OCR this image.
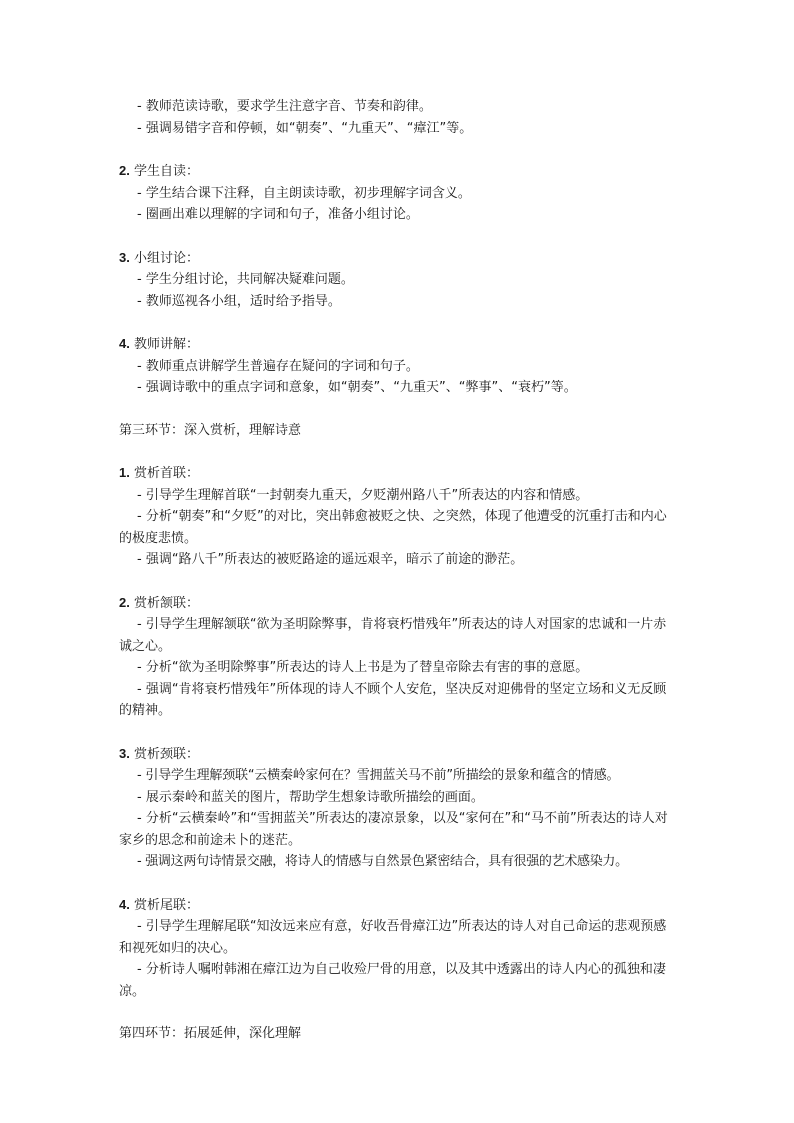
- 教师范读诗歌，要求学生注意字音、节奏和韵律。
- 强调易错字音和停顿，如“朝奏”、“九重天”、“瘴江”等。
2. 学生自读：
- 学生结合课下注释，自主朗读诗歌，初步理解字词含义。
- 圈画出难以理解的字词和句子，准备小组讨论。
3. 小组讨论：
- 学生分组讨论，共同解决疑难问题。
- 教师巡视各小组，适时给予指导。
4. 教师讲解：
- 教师重点讲解学生普遍存在疑问的字词和句子。
- 强调诗歌中的重点字词和意象，如“朝奏”、“九重天”、“弊事”、“衰朽”等。
第三环节：深入赏析，理解诗意
1. 赏析首联：
- 引导学生理解首联“一封朝奏九重天，夕贬潮州路八千”所表达的内容和情感。
- 分析“朝奏”和“夕贬”的对比，突出韩愈被贬之快、之突然，体现了他遭受的沉重打击和内心的极度悲愤。
- 强调“路八千”所表达的被贬路途的遥远艰辛，暗示了前途的渺茫。
2. 赏析颔联：
- 引导学生理解颔联“欲为圣明除弊事，肯将衰朽惜残年”所表达的诗人对国家的忠诚和一片赤诚之心。
- 分析“欲为圣明除弊事”所表达的诗人上书是为了替皇帝除去有害的事的意愿。
- 强调“肯将衰朽惜残年”所体现的诗人不顾个人安危，坚决反对迎佛骨的坚定立场和义无反顾的精神。
3. 赏析颈联：
- 引导学生理解颈联“云横秦岭家何在？雪拥蓝关马不前”所描绘的景象和蕴含的情感。
- 展示秦岭和蓝关的图片，帮助学生想象诗歌所描绘的画面。
- 分析“云横秦岭”和“雪拥蓝关”所表达的凄凉景象，以及“家何在”和“马不前”所表达的诗人对家乡的思念和前途未卜的迷茫。
- 强调这两句诗情景交融，将诗人的情感与自然景色紧密结合，具有很强的艺术感染力。
4. 赏析尾联：
- 引导学生理解尾联“知汝远来应有意，好收吾骨瘴江边”所表达的诗人对自己命运的悲观预感和视死如归的决心。
- 分析诗人嘱咐韩湘在瘴江边为自己收殓尸骨的用意，以及其中透露出的诗人内心的孤独和凄凉。
第四环节：拓展延伸，深化理解
